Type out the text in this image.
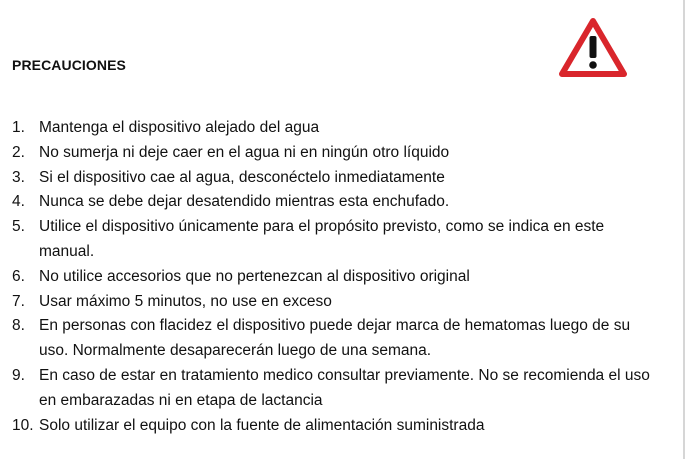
PRECAUCIONES
1. Mantenga el dispositivo alejado del agua
2. No sumerja ni deje caer en el agua ni en ningún otro líquido
3. Si el dispositivo cae al agua, desconéctelo inmediatamente
4. Nunca se debe dejar desatendido mientras esta enchufado.
5. Utilice el dispositivo únicamente para el propósito previsto, como se indica en este manual.
6. No utilice accesorios que no pertenezcan al dispositivo original
7. Usar máximo 5 minutos, no use en exceso
8. En personas con flacidez el dispositivo puede dejar marca de hematomas luego de su uso. Normalmente desaparecerán luego de una semana.
9. En caso de estar en tratamiento medico consultar previamente. No se recomienda el uso en embarazadas ni en etapa de lactancia
10. Solo utilizar el equipo con la fuente de alimentación suministrada
